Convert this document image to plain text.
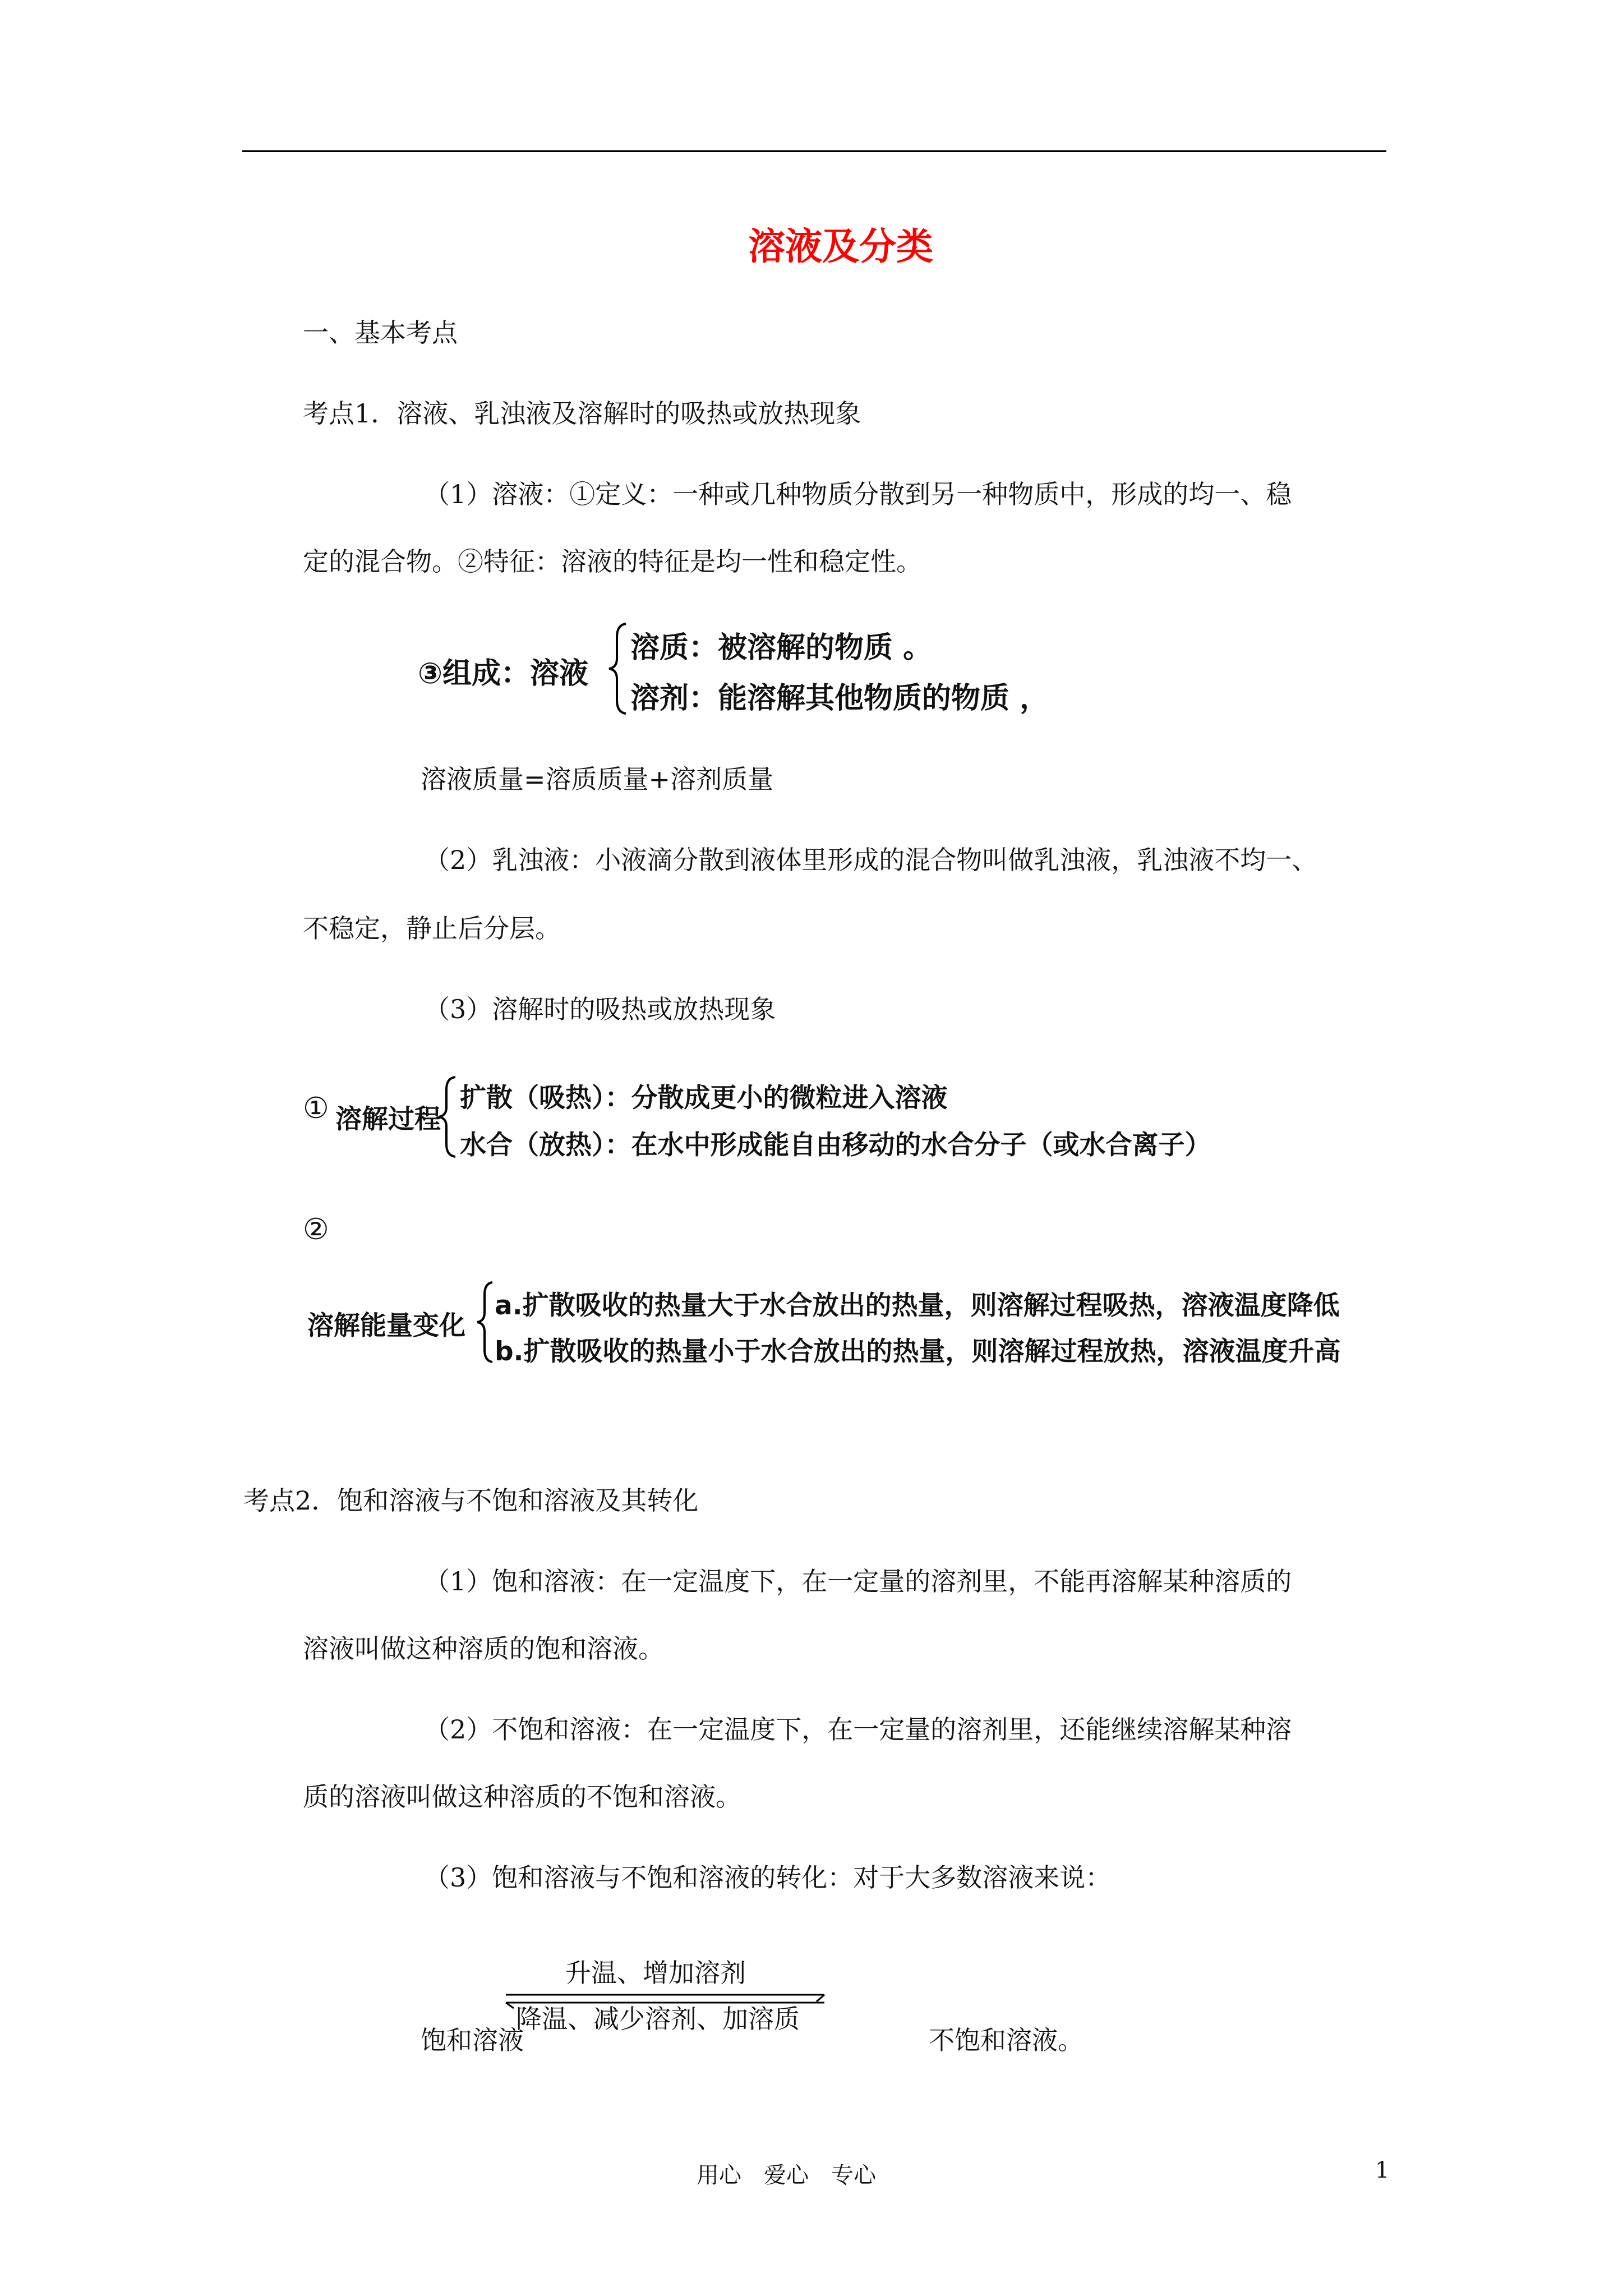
溶液及分类
一、基本考点
考点1．溶液、乳浊液及溶解时的吸热或放热现象
（1）溶液：①定义：一种或几种物质分散到另一种物质中，形成的均一、稳
定的混合物。②特征：溶液的特征是均一性和稳定性。
③组成：溶液
溶质：被溶解的物质 。
溶剂：能溶解其他物质的物质 ，
溶液质量=溶质质量+溶剂质量
（2）乳浊液：小液滴分散到液体里形成的混合物叫做乳浊液，乳浊液不均一、
不稳定，静止后分层。
（3）溶解时的吸热或放热现象
① 溶解过程
扩散（吸热）：分散成更小的微粒进入溶液
水合（放热）：在水中形成能自由移动的水合分子（或水合离子）
②
溶解能量变化
a.扩散吸收的热量大于水合放出的热量，则溶解过程吸热，溶液温度降低
b.扩散吸收的热量小于水合放出的热量，则溶解过程放热，溶液温度升高
考点2．饱和溶液与不饱和溶液及其转化
（1）饱和溶液：在一定温度下，在一定量的溶剂里，不能再溶解某种溶质的
溶液叫做这种溶质的饱和溶液。
（2）不饱和溶液：在一定温度下，在一定量的溶剂里，还能继续溶解某种溶
质的溶液叫做这种溶质的不饱和溶液。
（3）饱和溶液与不饱和溶液的转化：对于大多数溶液来说：
升温、增加溶剂
降温、减少溶剂、加溶质
饱和溶液	不饱和溶液。
用心　爱心　专心	1
